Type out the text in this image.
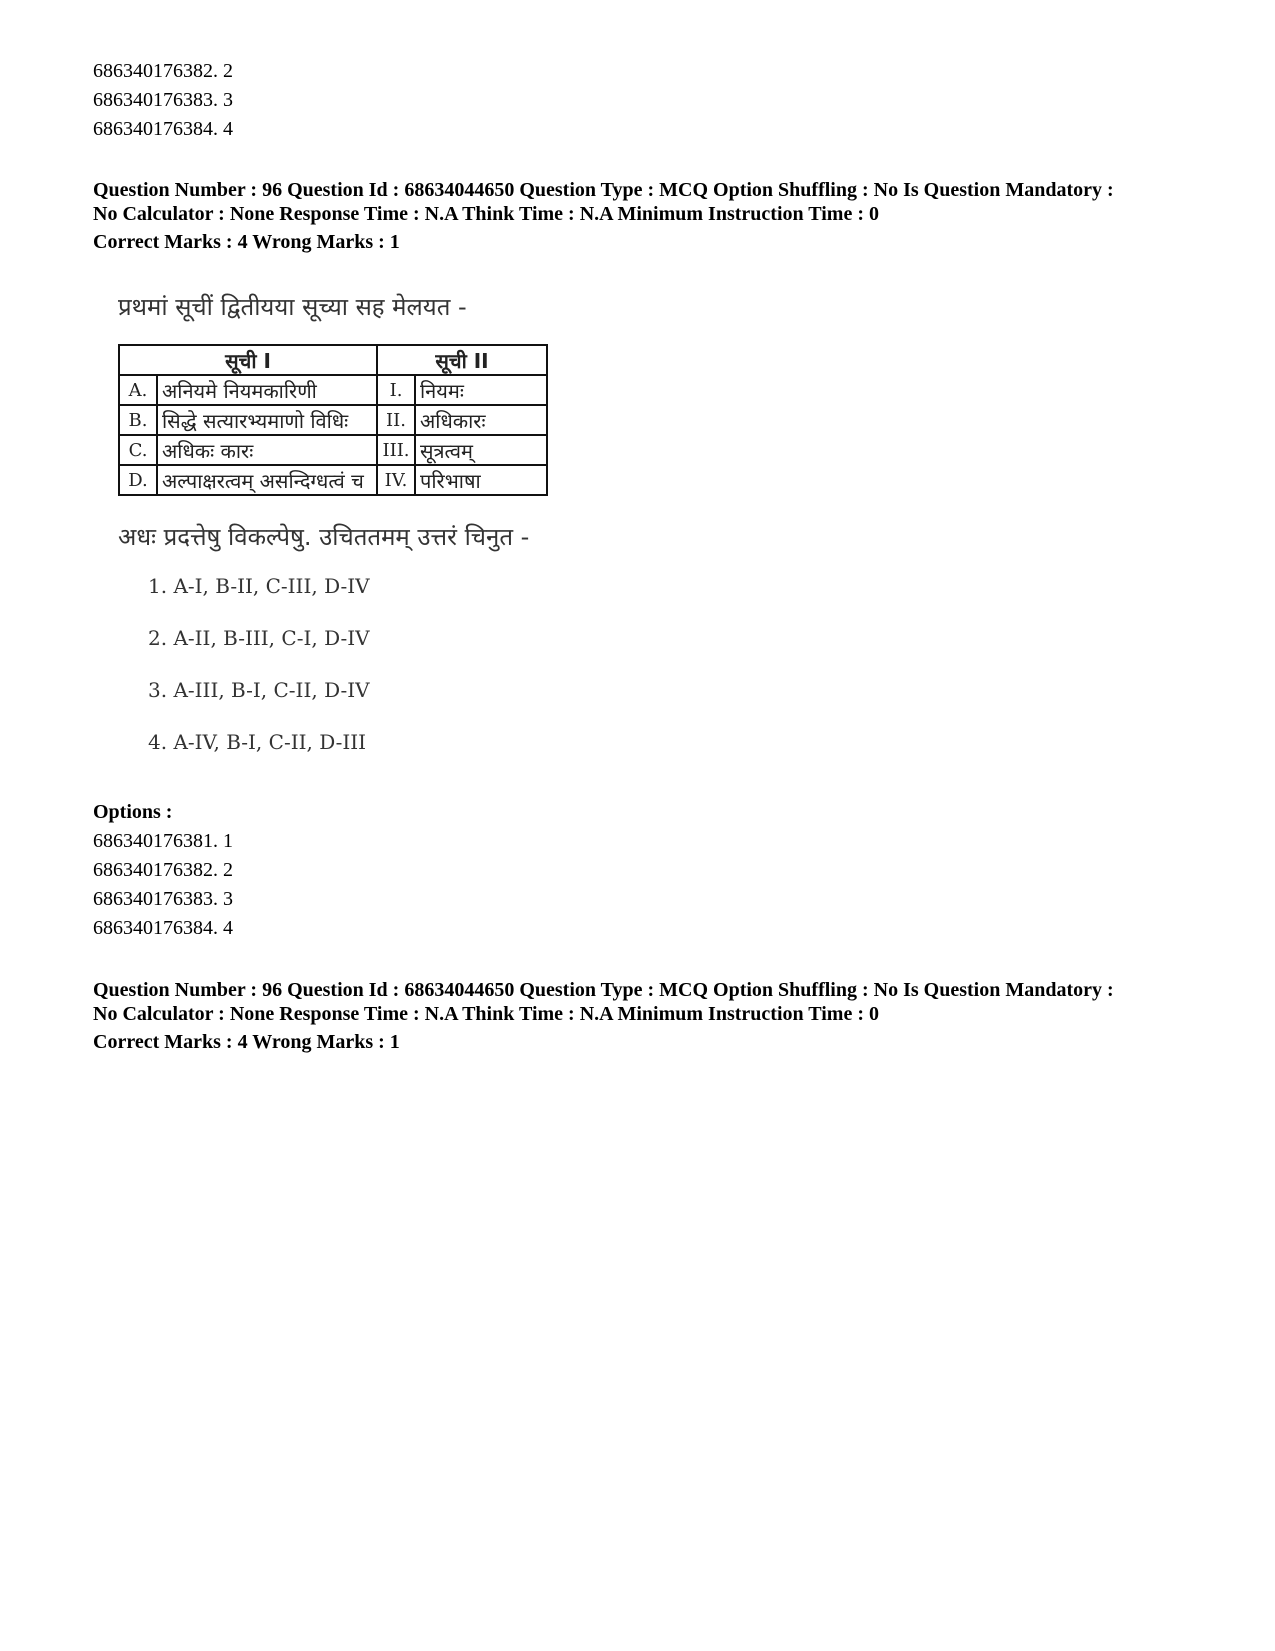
686340176382. 2
686340176383. 3
686340176384. 4
Question Number : 96 Question Id : 68634044650 Question Type : MCQ Option Shuffling : No Is Question Mandatory :
No Calculator : None Response Time : N.A Think Time : N.A Minimum Instruction Time : 0
Correct Marks : 4 Wrong Marks : 1
प्रथमां सूचीं द्वितीयया सूच्या सह मेलयत -
सूची I		सूची II	
A.	अनियमे नियमकारिणी	I.	नियमः
B.	सिद्धे सत्यारभ्यमाणो विधिः	II.	अधिकारः
C.	अधिकः कारः	III.	सूत्रत्वम्
D.	अल्पाक्षरत्वम् असन्दिग्धत्वं च	IV.	परिभाषा
अधः प्रदत्तेषु विकल्पेषु. उचिततमम् उत्तरं चिनुत -
1. A-I, B-II, C-III, D-IV
2. A-II, B-III, C-I, D-IV
3. A-III, B-I, C-II, D-IV
4. A-IV, B-I, C-II, D-III
Options :
686340176381. 1
686340176382. 2
686340176383. 3
686340176384. 4
Question Number : 96 Question Id : 68634044650 Question Type : MCQ Option Shuffling : No Is Question Mandatory :
No Calculator : None Response Time : N.A Think Time : N.A Minimum Instruction Time : 0
Correct Marks : 4 Wrong Marks : 1
